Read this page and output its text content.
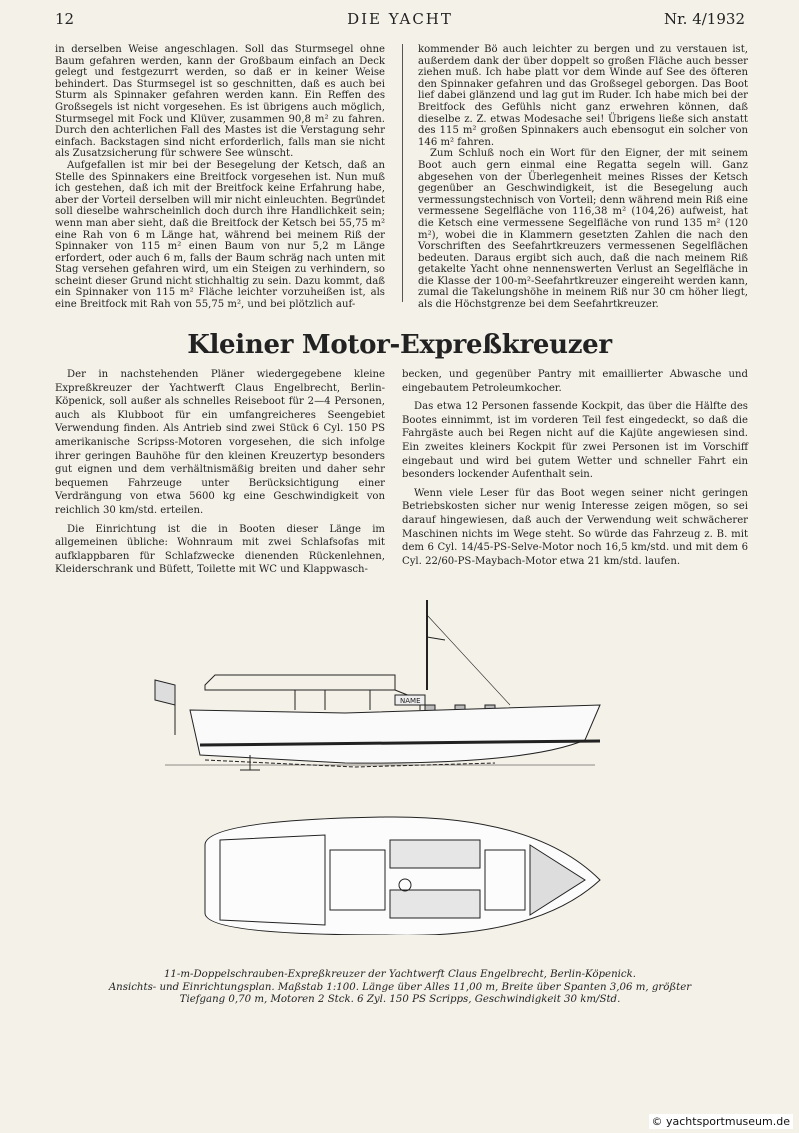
12	DIE YACHT	Nr. 4/1932

in derselben Weise angeschlagen. Soll das Sturmsegel ohne Baum gefahren werden, kann der Großbaum einfach an Deck gelegt und festgezurrt werden, so daß er in keiner Weise behindert. Das Sturmsegel ist so geschnitten, daß es auch bei Sturm als Spinnaker gefahren werden kann. Ein Reffen des Großsegels ist nicht vorgesehen. Es ist übrigens auch möglich, Sturmsegel mit Fock und Klüver, zusammen 90,8 m² zu fahren. Durch den achterlichen Fall des Mastes ist die Verstagung sehr einfach. Backstagen sind nicht erforderlich, falls man sie nicht als Zusatzsicherung für schwere See wünscht.

Aufgefallen ist mir bei der Besegelung der Ketsch, daß an Stelle des Spinnakers eine Breitfock vorgesehen ist. Nun muß ich gestehen, daß ich mit der Breitfock keine Erfahrung habe, aber der Vorteil derselben will mir nicht einleuchten. Begründet soll dieselbe wahrscheinlich doch durch ihre Handlichkeit sein; wenn man aber sieht, daß die Breitfock der Ketsch bei 55,75 m² eine Rah von 6 m Länge hat, während bei meinem Riß der Spinnaker von 115 m² einen Baum von nur 5,2 m Länge erfordert, oder auch 6 m, falls der Baum schräg nach unten mit Stag versehen gefahren wird, um ein Steigen zu verhindern, so scheint dieser Grund nicht stichhaltig zu sein. Dazu kommt, daß ein Spinnaker von 115 m² Fläche leichter vorzuheißen ist, als eine Breitfock mit Rah von 55,75 m², und bei plötzlich auf-

kommender Bö auch leichter zu bergen und zu verstauen ist, außerdem dank der über doppelt so großen Fläche auch besser ziehen muß. Ich habe platt vor dem Winde auf See des öfteren den Spinnaker gefahren und das Großsegel geborgen. Das Boot lief dabei glänzend und lag gut im Ruder. Ich habe mich bei der Breitfock des Gefühls nicht ganz erwehren können, daß dieselbe z. Z. etwas Modesache sei! Übrigens ließe sich anstatt des 115 m² großen Spinnakers auch ebensogut ein solcher von 146 m² fahren.

Zum Schluß noch ein Wort für den Eigner, der mit seinem Boot auch gern einmal eine Regatta segeln will. Ganz abgesehen von der Überlegenheit meines Risses der Ketsch gegenüber an Geschwindigkeit, ist die Besegelung auch vermessungstechnisch von Vorteil; denn während mein Riß eine vermessene Segelfläche von 116,38 m² (104,26) aufweist, hat die Ketsch eine vermessene Segelfläche von rund 135 m² (120 m²), wobei die in Klammern gesetzten Zahlen die nach den Vorschriften des Seefahrtkreuzers vermessenen Segelflächen bedeuten. Daraus ergibt sich auch, daß die nach meinem Riß getakelte Yacht ohne nennenswerten Verlust an Segelfläche in die Klasse der 100-m²-Seefahrtkreuzer eingereiht werden kann, zumal die Takelungshöhe in meinem Riß nur 30 cm höher liegt, als die Höchstgrenze bei dem Seefahrtkreuzer.

Kleiner Motor-Expreßkreuzer

Der in nachstehenden Pläner wiedergegebene kleine Expreßkreuzer der Yachtwerft Claus Engelbrecht, Berlin-Köpenick, soll außer als schnelles Reiseboot für 2—4 Personen, auch als Klubboot für ein umfangreicheres Seengebiet Verwendung finden. Als Antrieb sind zwei Stück 6 Cyl. 150 PS amerikanische Scripss-Motoren vorgesehen, die sich infolge ihrer geringen Bauhöhe für den kleinen Kreuzertyp besonders gut eignen und dem verhältnismäßig breiten und daher sehr bequemen Fahrzeuge unter Berücksichtigung einer Verdrängung von etwa 5600 kg eine Geschwindigkeit von reichlich 30 km/std. erteilen.

Die Einrichtung ist die in Booten dieser Länge im allgemeinen übliche: Wohnraum mit zwei Schlafsofas mit aufklappbaren für Schlafzwecke dienenden Rückenlehnen, Kleiderschrank und Büfett, Toilette mit WC und Klappwasch-

becken, und gegenüber Pantry mit emaillierter Abwasche und eingebautem Petroleumkocher.

Das etwa 12 Personen fassende Kockpit, das über die Hälfte des Bootes einnimmt, ist im vorderen Teil fest eingedeckt, so daß die Fahrgäste auch bei Regen nicht auf die Kajüte angewiesen sind. Ein zweites kleiners Kockpit für zwei Personen ist im Vorschiff eingebaut und wird bei gutem Wetter und schneller Fahrt ein besonders lockender Aufenthalt sein.

Wenn viele Leser für das Boot wegen seiner nicht geringen Betriebskosten sicher nur wenig Interesse zeigen mögen, so sei darauf hingewiesen, daß auch der Verwendung weit schwächerer Maschinen nichts im Wege steht. So würde das Fahrzeug z. B. mit dem 6 Cyl. 14/45-PS-Selve-Motor noch 16,5 km/std. und mit dem 6 Cyl. 22/60-PS-Maybach-Motor etwa 21 km/std. laufen.

NAME
11-m-Doppelschrauben-Expreßkreuzer der Yachtwerft Claus Engelbrecht, Berlin-Köpenick.
Ansichts- und Einrichtungsplan. Maßstab 1:100. Länge über Alles 11,00 m, Breite über Spanten 3,06 m, größter
Tiefgang 0,70 m, Motoren 2 Stck. 6 Zyl. 150 PS Scripps, Geschwindigkeit 30 km/Std.
© yachtsportmuseum.de
